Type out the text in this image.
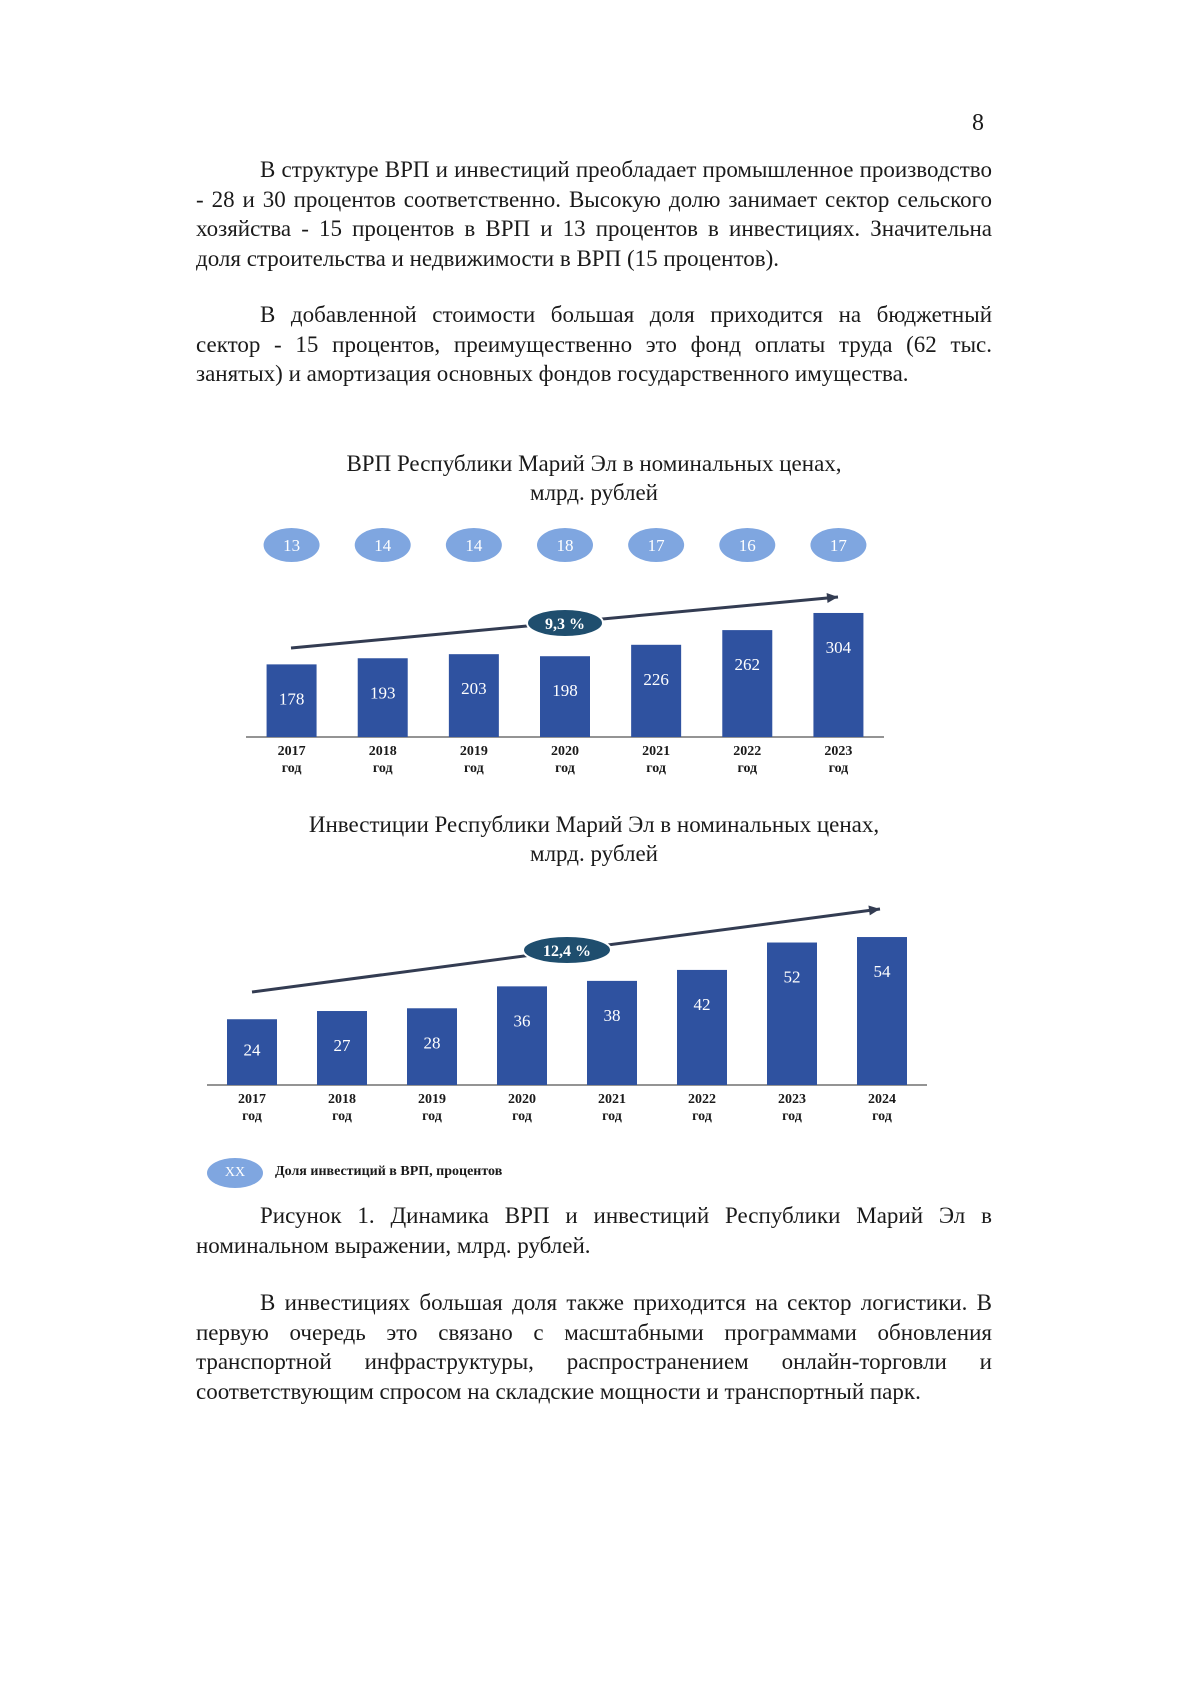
8
В структуре ВРП и инвестиций преобладает промышленное производство - 28 и 30 процентов соответственно. Высокую долю занимает сектор сельского хозяйства - 15 процентов в ВРП и 13 процентов в инвестициях. Значительна доля строительства и недвижимости в ВРП (15 процентов).
В добавленной стоимости большая доля приходится на бюджетный сектор - 15 процентов, преимущественно это фонд оплаты труда (62 тыс. занятых) и амортизация основных фондов государственного имущества.
ВРП Республики Марий Эл в номинальных ценах,
млрд. рублей
Инвестиции Республики Марий Эл в номинальных ценах,
млрд. рублей
178
2017
год
13
193
2018
год
14
203
2019
год
14
198
2020
год
18
226
2021
год
17
262
2022
год
16
304
2023
год
17
9,3 %
24
2017
год
27
2018
год
28
2019
год
36
2020
год
38
2021
год
42
2022
год
52
2023
год
54
2024
год
12,4 %
XX	Доля инвестиций в ВРП, процентов
Рисунок 1. Динамика ВРП и инвестиций Республики Марий Эл в номинальном выражении, млрд. рублей.
В инвестициях большая доля также приходится на сектор логистики. В первую очередь это связано с масштабными программами обновления транспортной инфраструктуры, распространением онлайн-торговли и соответствующим спросом на складские мощности и транспортный парк.
